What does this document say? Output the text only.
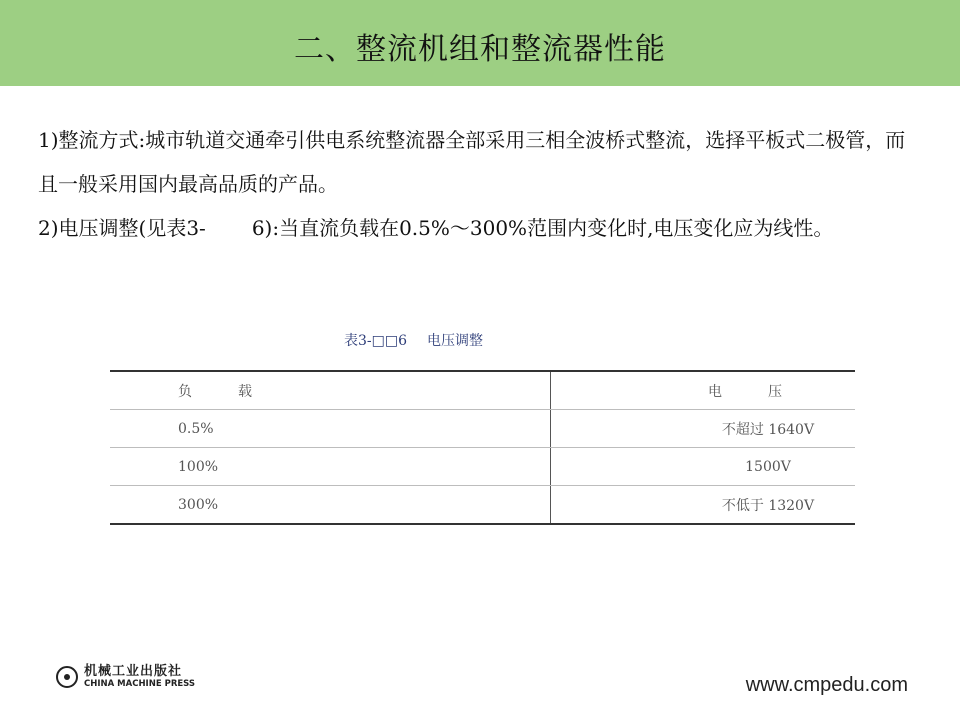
二、整流机组和整流器性能
1)整流方式:城市轨道交通牵引供电系统整流器全部采用三相全波桥式整流，选择平板式二极管，而且一般采用国内最高品质的产品。
2)电压调整(见表3- 6):当直流负载在0.5%～300%范围内变化时,电压变化应为线性。
表3-□□6 电压调整
负载	电压
0.5%	不超过 1640V
100%	1500V
300%	不低于 1320V
机械工业出版社
CHINA MACHINE PRESS	www.cmpedu.com
